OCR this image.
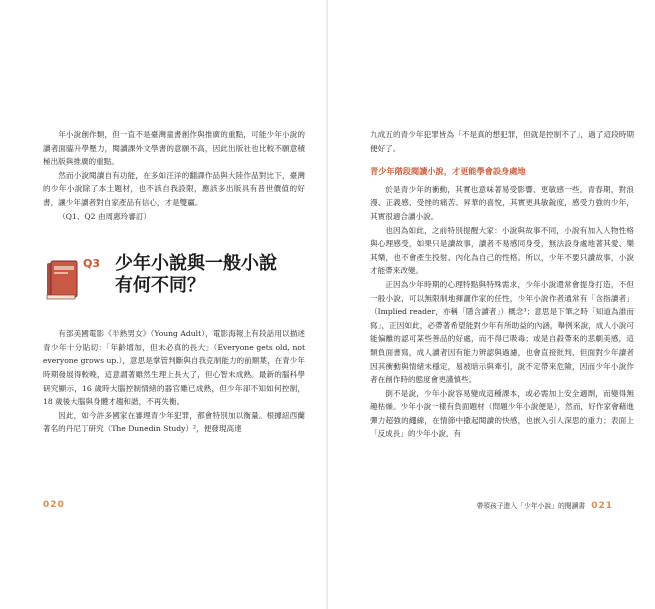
年小說創作類，但一直不是臺灣童書創作與推廣的重點，可能少年小說的讀者面臨升學壓力，閱讀課外文學書的意願不高，因此出版社也比較不願意積極出版與推廣的重點。

然而小說閱讀自有功能，在多如汪洋的翻譯作品與大陸作品對比下，臺灣的少年小說除了本土題材，也不該自我設限，應該多出版具有普世價值的好書，讓少年讀者對自家產品有信心，才是雙贏。

（Q1、Q2 由周惠玲審訂）

Q3 少年小說與一般小說
有何不同？

有部美國電影《半熟男女》（Young Adult），電影海報上有段話用以描述青少年十分貼切：「年齡增加，但未必真的長大」（Everyone gets old, not everyone grows up.），意思是掌管判斷與自我克制能力的前額葉，在青少年時期發展得較晚，這意謂著雖然生理上長大了，但心智未成熟。最新的腦科學研究顯示，16 歲時大腦控制情緒的器官雖已成熟，但少年卻不知如何控制，18 歲後大腦與身體才趨和諧，不再失衡。

因此，如今許多國家在審理青少年犯罪，都會特別加以衡量。根據紐西蘭著名的丹尼丁研究（The Dunedin Study）²，便發現高達

020

九成五的青少年犯罪皆為「不是真的想犯罪，但就是控制不了」，過了這段時期便好了。

青少年階段閱讀小說，才更能學會設身處地

於是青少年的衝動，其實也意味著易受影響、更敏感一些。青春期，對浪漫、正義感、受挫的痛苦、昇華的喜悅，其實更具敏銳度，感受力強的少年，其實很適合讀小說。

也因為如此，之前特別提醒大家：小說與故事不同，小說有加入人物性格與心理感受，如果只是讀故事，讀者不易感同身受，無法設身處地著其愛、樂其樂，也不會產生投射、內化為自己的性格。所以，少年不要只讀故事，小說才能帶來改變。

正因為少年時期的心理特點與特殊需求，少年小說還常會提身打造，不但一般小說，可以無限制地揮灑作家的任性，少年小說作者通常有「含指讀者」（Implied reader，亦稱「隱含讀者」）概念³；意思是下筆之時「知道為誰而寫」，正因如此，必帶著希望能對少年有所助益的內涵，舉例來說，成人小說可能偏離的認可某些善品的好處，而不得已吸毒；或是自殺帶來的悲劇美感，這類負面書寫，成人讀者因有能力辨認與過濾，也會直接批判，但面對少年讀者因其衝動與情緒未穩定，易被暗示與牽引，說不定帶來危險，因而少年小說作者在創作時的態度會更謹慎些。

倒不是說，少年小說容易變成這種課本，或必需加上安全適劑，而變得無趣枯燥。少年小說一樣有負面題材（問題少年小說便是），然而，好作家會藉進彈力超強的繩線，在情節中撒起閱讀的快感，也嵌入引人深思的重力；表面上「反成長」的少年小說，有

帶領孩子進入「少年小說」的閱讀書 021
